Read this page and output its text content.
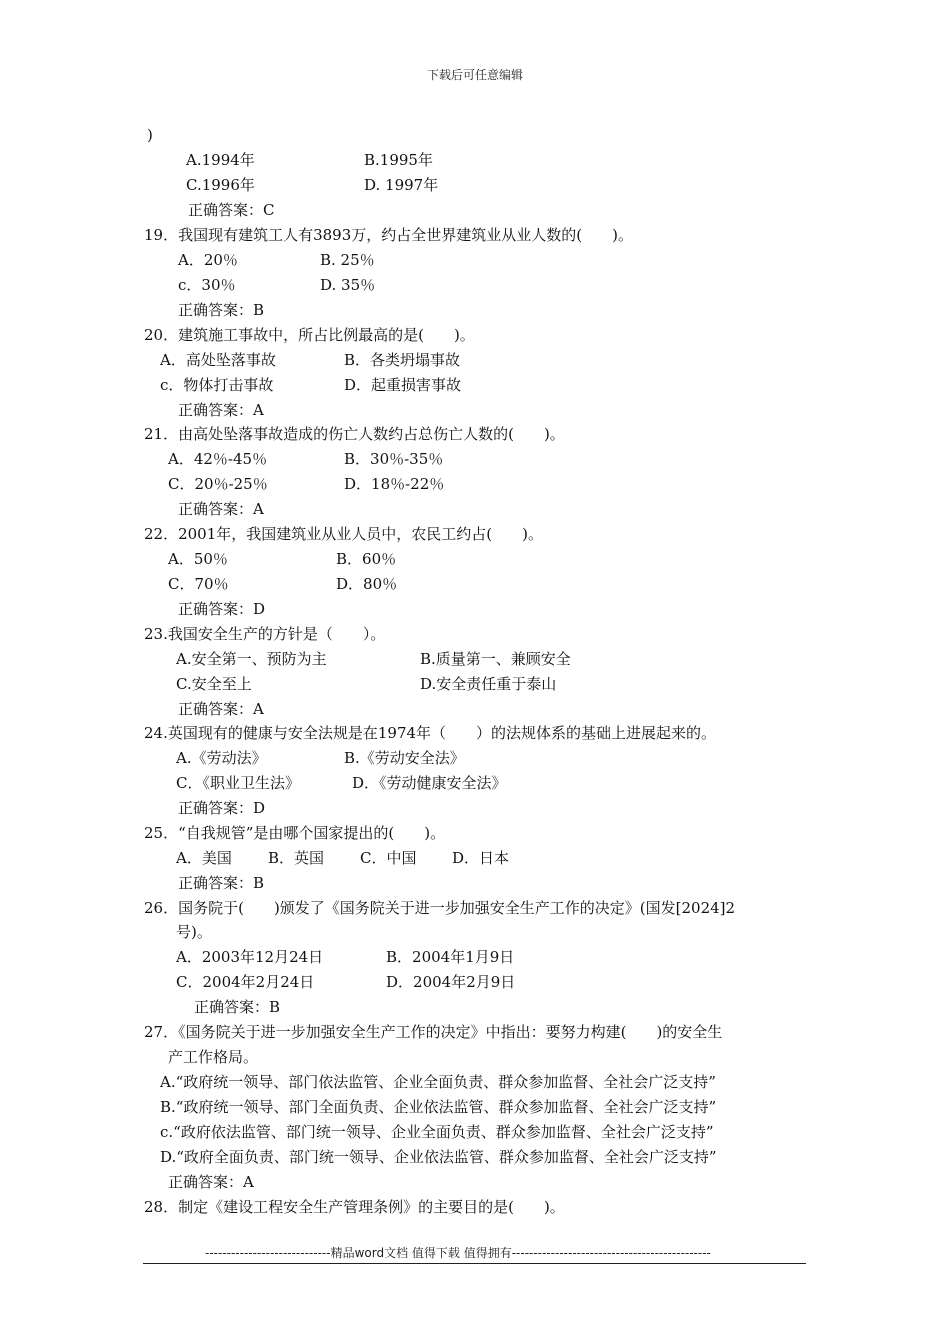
下载后可任意编辑
)
A.1994年	B.1995年
C.1996年	D. 1997年
正确答案：C
19．我国现有建筑工人有3893万，约占全世界建筑业从业人数的(　　)。
A．20％	B. 25％
c．30％	D. 35％
正确答案：B
20．建筑施工事故中，所占比例最高的是(　　)。
A．高处坠落事故	B．各类坍塌事故
c．物体打击事故	D．起重损害事故
正确答案：A
21．由高处坠落事故造成的伤亡人数约占总伤亡人数的(　　)。
A．42％-45％	B．30％-35％
C．20％-25％	D．18％-22％
正确答案：A
22．2001年，我国建筑业从业人员中，农民工约占(　　)。
A．50％	B．60％
C．70％	D．80％
正确答案：D
23.我国安全生产的方针是（　　）。
A.安全第一、预防为主	B.质量第一、兼顾安全
C.安全至上	D.安全责任重于泰山
正确答案：A
24.英国现有的健康与安全法规是在1974年（　　）的法规体系的基础上进展起来的。
A.《劳动法》	B.《劳动安全法》
C．《职业卫生法》	D．《劳动健康安全法》
正确答案：D
25．“自我规管”是由哪个国家提出的(　　)。
A．美国 B．英国 C．中国 D．日本
正确答案：B
26．国务院于(　　)颁发了《国务院关于进一步加强安全生产工作的决定》(国发[2024]2
号)。
A．2003年12月24日	B．2004年1月9日
C．2004年2月24日	D．2004年2月9日
正确答案：B
27．《国务院关于进一步加强安全生产工作的决定》中指出：要努力构建(　　)的安全生
产工作格局。
A.“政府统一领导、部门依法监管、企业全面负责、群众参加监督、全社会广泛支持”
B.“政府统一领导、部门全面负责、企业依法监管、群众参加监督、全社会广泛支持”
c.“政府依法监管、部门统一领导、企业全面负责、群众参加监督、全社会广泛支持”
D.“政府全面负责、部门统一领导、企业依法监管、群众参加监督、全社会广泛支持”
正确答案：A
28．制定《建设工程安全生产管理条例》的主要目的是(　　)。
-----------------------------精品word文档 值得下载 值得拥有----------------------------------------------
